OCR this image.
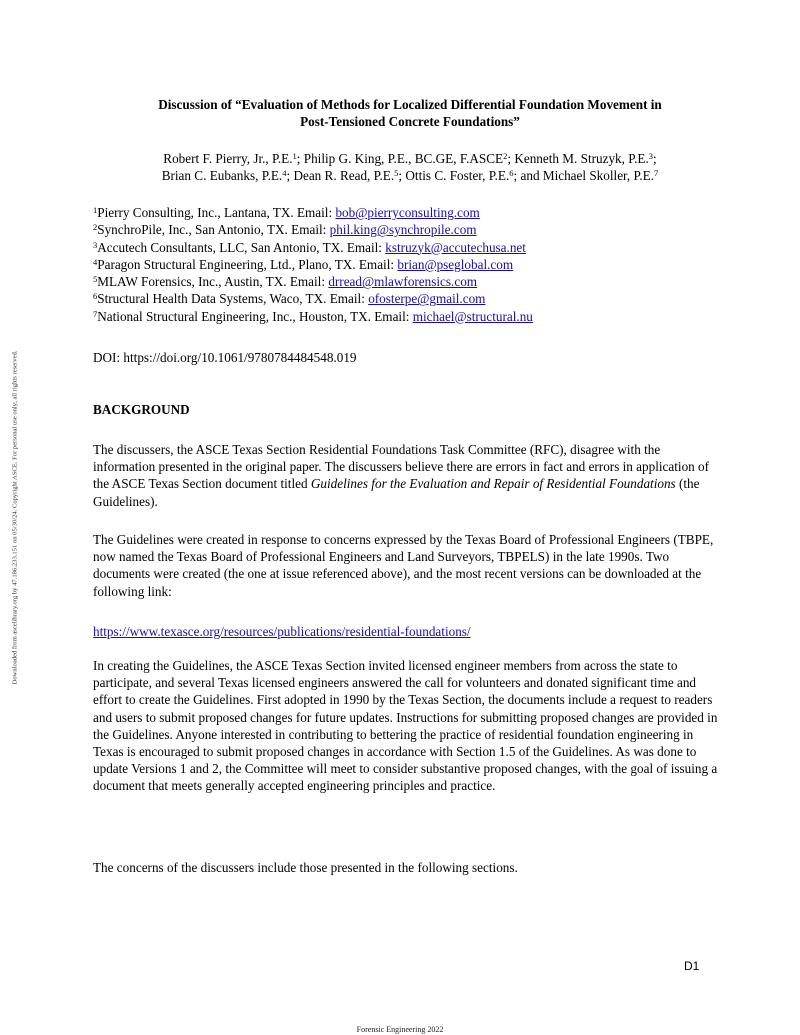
Downloaded from ascelibrary.org by 47.186.233.151 on 05/30/24. Copyright ASCE. For personal use only; all rights reserved.
Discussion of “Evaluation of Methods for Localized Differential Foundation Movement in
Post-Tensioned Concrete Foundations”
Robert F. Pierry, Jr., P.E.$^1$; Philip G. King, P.E., BC.GE, F.ASCE$^2$; Kenneth M. Struzyk, P.E.$^3$;
Brian C. Eubanks, P.E.$^4$; Dean R. Read, P.E.$^5$; Ottis C. Foster, P.E.$^6$; and Michael Skoller, P.E.$^7$
$^1$Pierry Consulting, Inc., Lantana, TX. Email: bob@pierryconsulting.com
$^2$SynchroPile, Inc., San Antonio, TX. Email: phil.king@synchropile.com
$^3$Accutech Consultants, LLC, San Antonio, TX. Email: kstruzyk@accutechusa.net
$^4$Paragon Structural Engineering, Ltd., Plano, TX. Email: brian@pseglobal.com
$^5$MLAW Forensics, Inc., Austin, TX. Email: drread@mlawforensics.com
$^6$Structural Health Data Systems, Waco, TX. Email: ofosterpe@gmail.com
$^7$National Structural Engineering, Inc., Houston, TX. Email: michael@structural.nu
DOI: https://doi.org/10.1061/9780784484548.019
BACKGROUND
The discussers, the ASCE Texas Section Residential Foundations Task Committee (RFC), disagree with the information presented in the original paper. The discussers believe there are errors in fact and errors in application of the ASCE Texas Section document titled Guidelines for the Evaluation and Repair of Residential Foundations (the Guidelines).
The Guidelines were created in response to concerns expressed by the Texas Board of Professional Engineers (TBPE, now named the Texas Board of Professional Engineers and Land Surveyors, TBPELS) in the late 1990s. Two documents were created (the one at issue referenced above), and the most recent versions can be downloaded at the following link:
https://www.texasce.org/resources/publications/residential-foundations/
In creating the Guidelines, the ASCE Texas Section invited licensed engineer members from across the state to participate, and several Texas licensed engineers answered the call for volunteers and donated significant time and effort to create the Guidelines. First adopted in 1990 by the Texas Section, the documents include a request to readers and users to submit proposed changes for future updates. Instructions for submitting proposed changes are provided in the Guidelines. Anyone interested in contributing to bettering the practice of residential foundation engineering in Texas is encouraged to submit proposed changes in accordance with Section 1.5 of the Guidelines. As was done to update Versions 1 and 2, the Committee will meet to consider substantive proposed changes, with the goal of issuing a document that meets generally accepted engineering principles and practice.
The concerns of the discussers include those presented in the following sections.
D1
Forensic Engineering 2022
